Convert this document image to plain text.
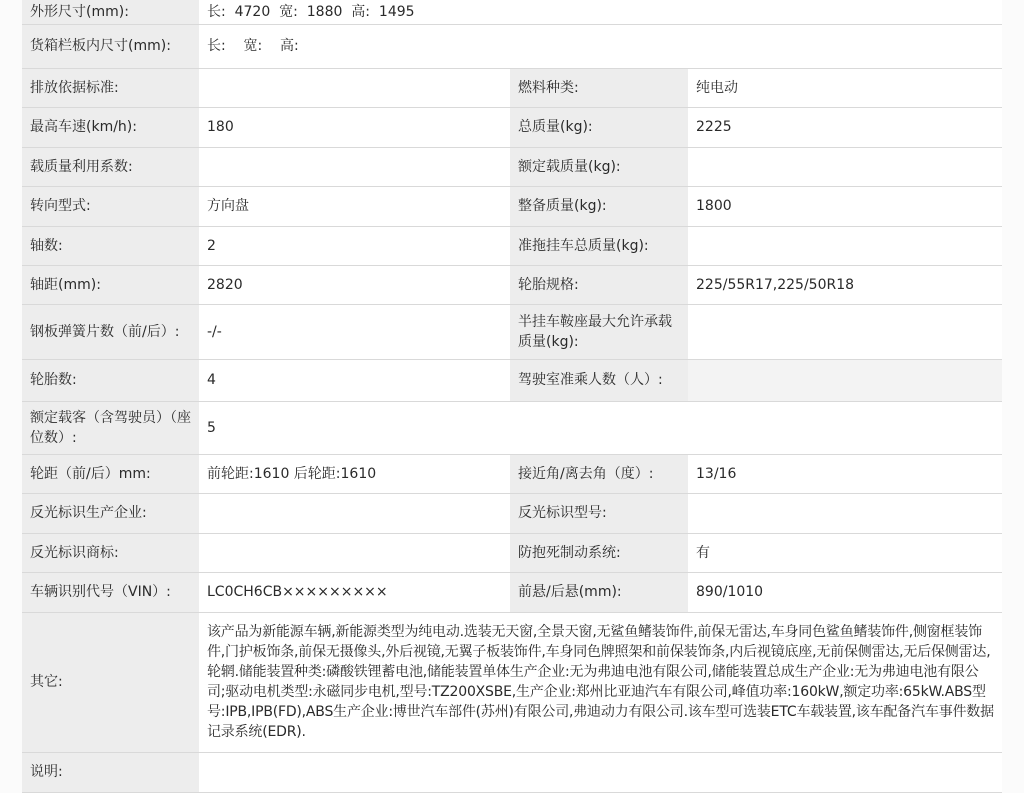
外形尺寸(mm):	长:  4720  宽:  1880  高:  1495		
货箱栏板内尺寸(mm):	长:    宽:    高:		
排放依据标准:		燃料种类:	纯电动
最高车速(km/h):	180	总质量(kg):	2225
载质量利用系数:		额定载质量(kg):	
转向型式:	方向盘	整备质量(kg):	1800
轴数:	2	准拖挂车总质量(kg):	
轴距(mm):	2820	轮胎规格:	225/55R17,225/50R18
钢板弹簧片数（前/后）:	-/-	半挂车鞍座最大允许承载质量(kg):	
轮胎数:	4	驾驶室准乘人数（人）:	
额定载客（含驾驶员）（座位数）:	5		
轮距（前/后）mm:	前轮距:1610 后轮距:1610	接近角/离去角（度）:	13/16
反光标识生产企业:		反光标识型号:	
反光标识商标:		防抱死制动系统:	有
车辆识别代号（VIN）:	LC0CH6CB×××××××××	前悬/后悬(mm):	890/1010
其它:	该产品为新能源车辆,新能源类型为纯电动.选装无天窗,全景天窗,无鲨鱼鳍装饰件,前保无雷达,车身同色鲨鱼鳍装饰件,侧窗框装饰件,门护板饰条,前保无摄像头,外后视镜,无翼子板装饰件,车身同色牌照架和前保装饰条,内后视镜底座,无前保侧雷达,无后保侧雷达,轮辋.储能装置种类:磷酸铁锂蓄电池,储能装置单体生产企业:无为弗迪电池有限公司,储能装置总成生产企业:无为弗迪电池有限公司;驱动电机类型:永磁同步电机,型号:TZ200XSBE,生产企业:郑州比亚迪汽车有限公司,峰值功率:160kW,额定功率:65kW.ABS型号:IPB,IPB(FD),ABS生产企业:博世汽车部件(苏州)有限公司,弗迪动力有限公司.该车型可选装ETC车载装置,该车配备汽车事件数据记录系统(EDR).		
说明:			
